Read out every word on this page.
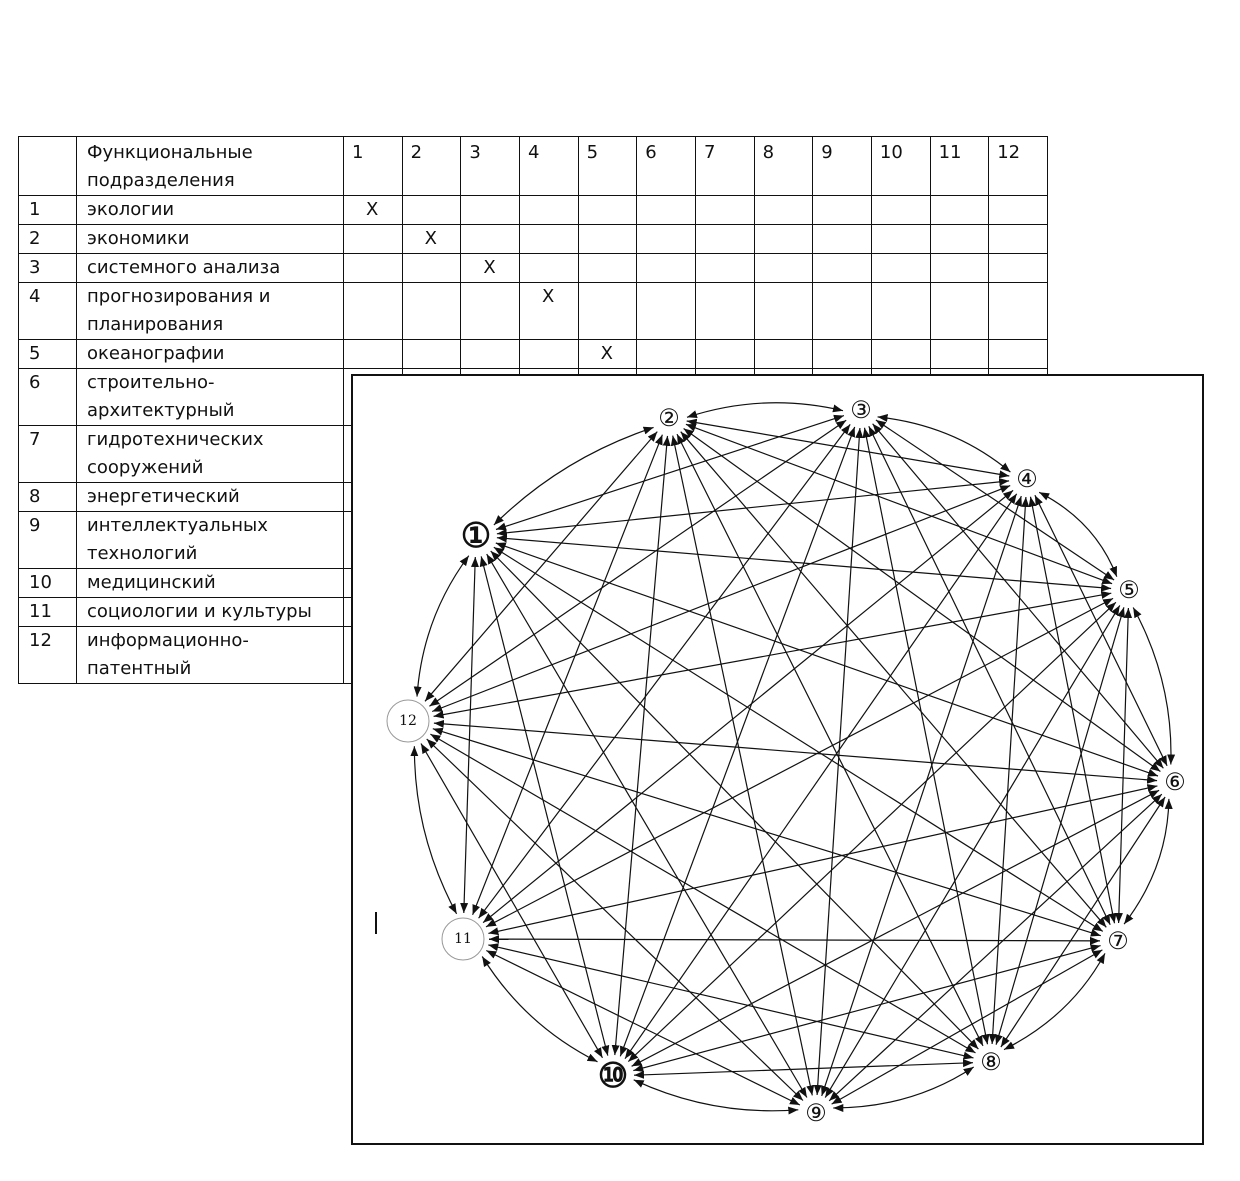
	Функциональные подразделения	1	2	3	4	5	6	7	8	9	10	11	12
1	экологии	X											
2	экономики		X										
3	системного анализа			X									
4	прогнозирования и планирования				X								
5	океанографии					X							
6	строительно-архитектурный												
7	гидротехнических сооружений												
8	энергетический												
9	интеллектуальных технологий												
10	медицинский												
11	социологии и культуры												
12	информационно-патентный												
①
②	③
④
⑤
⑥
⑦
⑧
⑨
⑩
11
12
